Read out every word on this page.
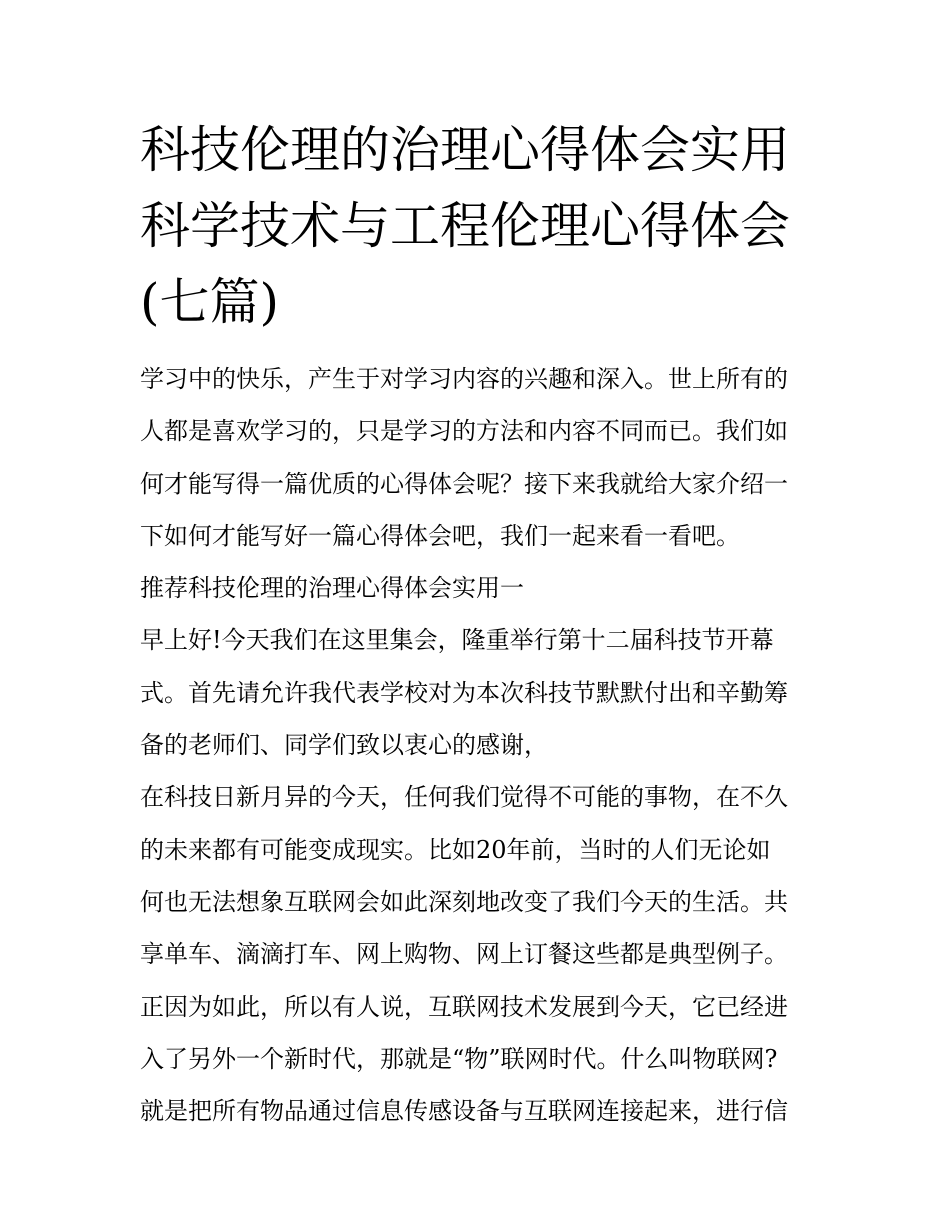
科技伦理的治理心得体会实用
科学技术与工程伦理心得体会
(七篇)
学习中的快乐，产生于对学习内容的兴趣和深入。世上所有的
人都是喜欢学习的，只是学习的方法和内容不同而已。我们如
何才能写得一篇优质的心得体会呢？接下来我就给大家介绍一
下如何才能写好一篇心得体会吧，我们一起来看一看吧。
推荐科技伦理的治理心得体会实用一
早上好!今天我们在这里集会，隆重举行第十二届科技节开幕
式。首先请允许我代表学校对为本次科技节默默付出和辛勤筹
备的老师们、同学们致以衷心的感谢，
在科技日新月异的今天，任何我们觉得不可能的事物，在不久
的未来都有可能变成现实。比如20年前，当时的人们无论如
何也无法想象互联网会如此深刻地改变了我们今天的生活。共
享单车、滴滴打车、网上购物、网上订餐这些都是典型例子。
正因为如此，所以有人说，互联网技术发展到今天，它已经进
入了另外一个新时代，那就是“物”联网时代。什么叫物联网?
就是把所有物品通过信息传感设备与互联网连接起来，进行信
